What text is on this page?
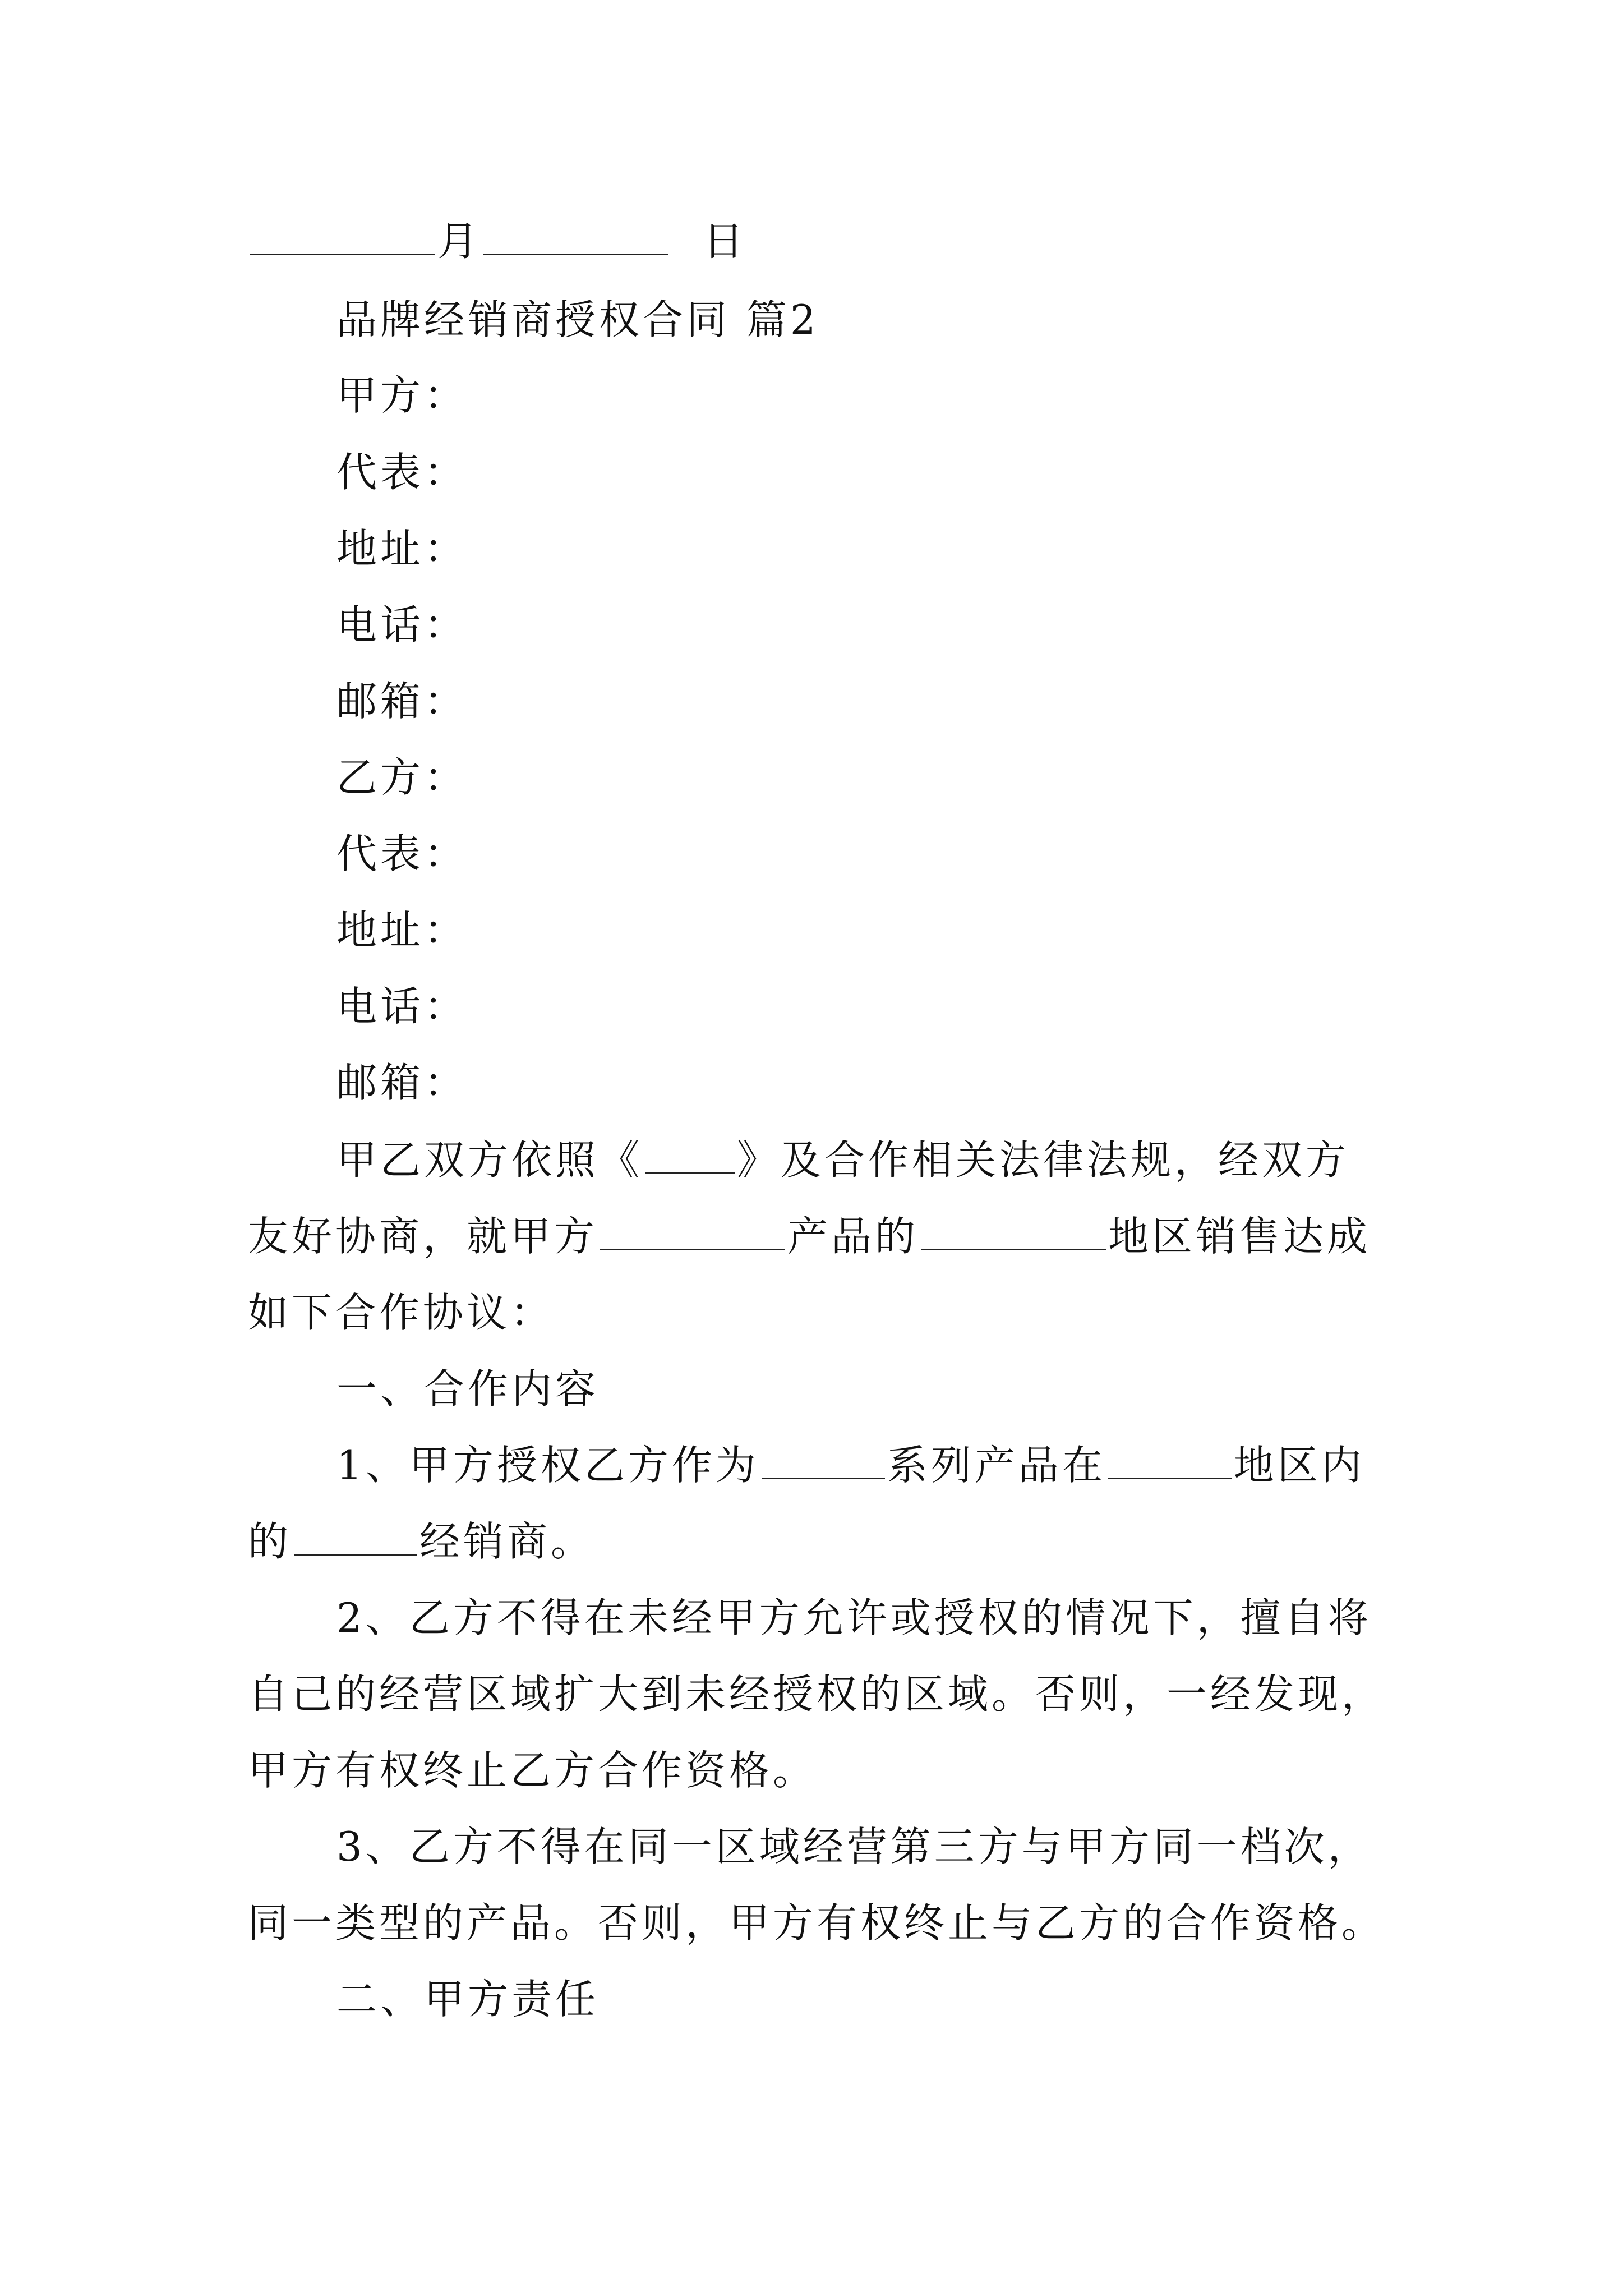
月	日
品牌经销商授权合同 篇2
甲方：
代表：
地址：
电话：
邮箱：
乙方：
代表：
地址：
电话：
邮箱：
甲乙双方依照《 》及合作相关法律法规，经双方
友好协商，就甲方	产品的	地区销售达成
如下合作协议：
一、合作内容
1、甲方授权乙方作为	系列产品在	地区内
的	经销商。
2、乙方不得在未经甲方允许或授权的情况下，擅自将
自己的经营区域扩大到未经授权的区域。否则，一经发现，
甲方有权终止乙方合作资格。
3、乙方不得在同一区域经营第三方与甲方同一档次，
同一类型的产品。否则，甲方有权终止与乙方的合作资格。
二、甲方责任
